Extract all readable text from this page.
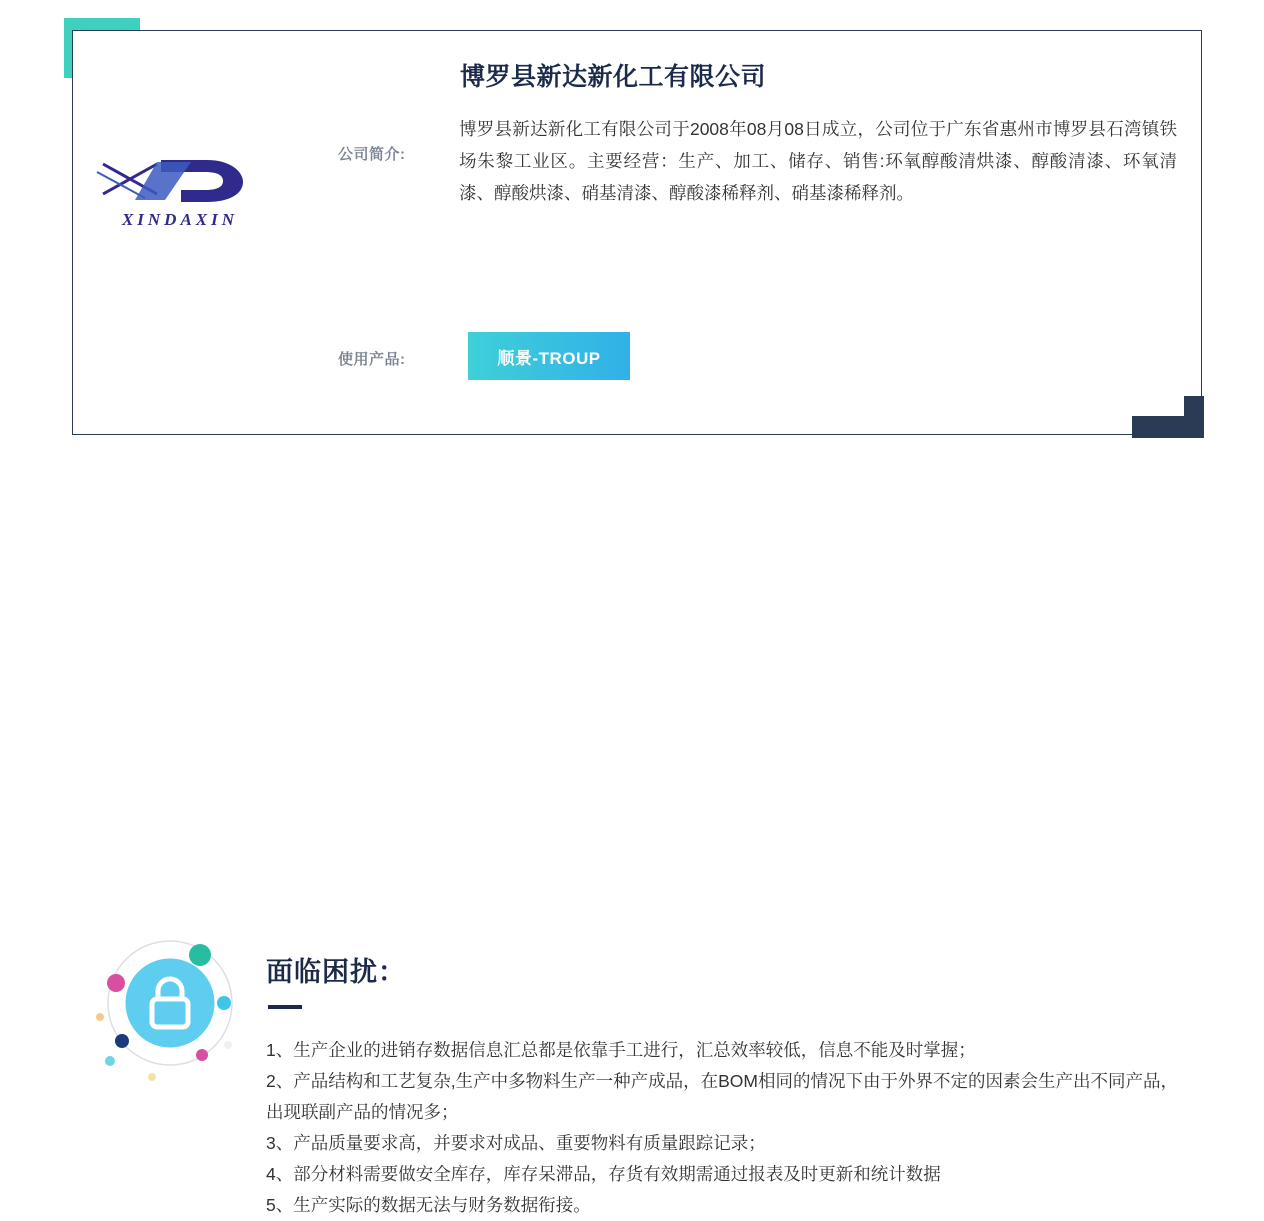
XINDAXIN
博罗县新达新化工有限公司
公司简介:
博罗县新达新化工有限公司于2008年08月08日成立，公司位于广东省惠州市博罗县石湾镇铁场朱黎工业区。主要经营：生产、加工、储存、销售:环氧醇酸清烘漆、醇酸清漆、环氧清漆、醇酸烘漆、硝基清漆、醇酸漆稀释剂、硝基漆稀释剂。
使用产品:	顺景-TROUP
面临困扰：

1、生产企业的进销存数据信息汇总都是依靠手工进行，汇总效率较低，信息不能及时掌握；

2、产品结构和工艺复杂,生产中多物料生产一种产成品，在BOM相同的情况下由于外界不定的因素会生产出不同产品，出现联副产品的情况多；

3、产品质量要求高，并要求对成品、重要物料有质量跟踪记录；

4、部分材料需要做安全库存，库存呆滞品，存货有效期需通过报表及时更新和统计数据

5、生产实际的数据无法与财务数据衔接。
